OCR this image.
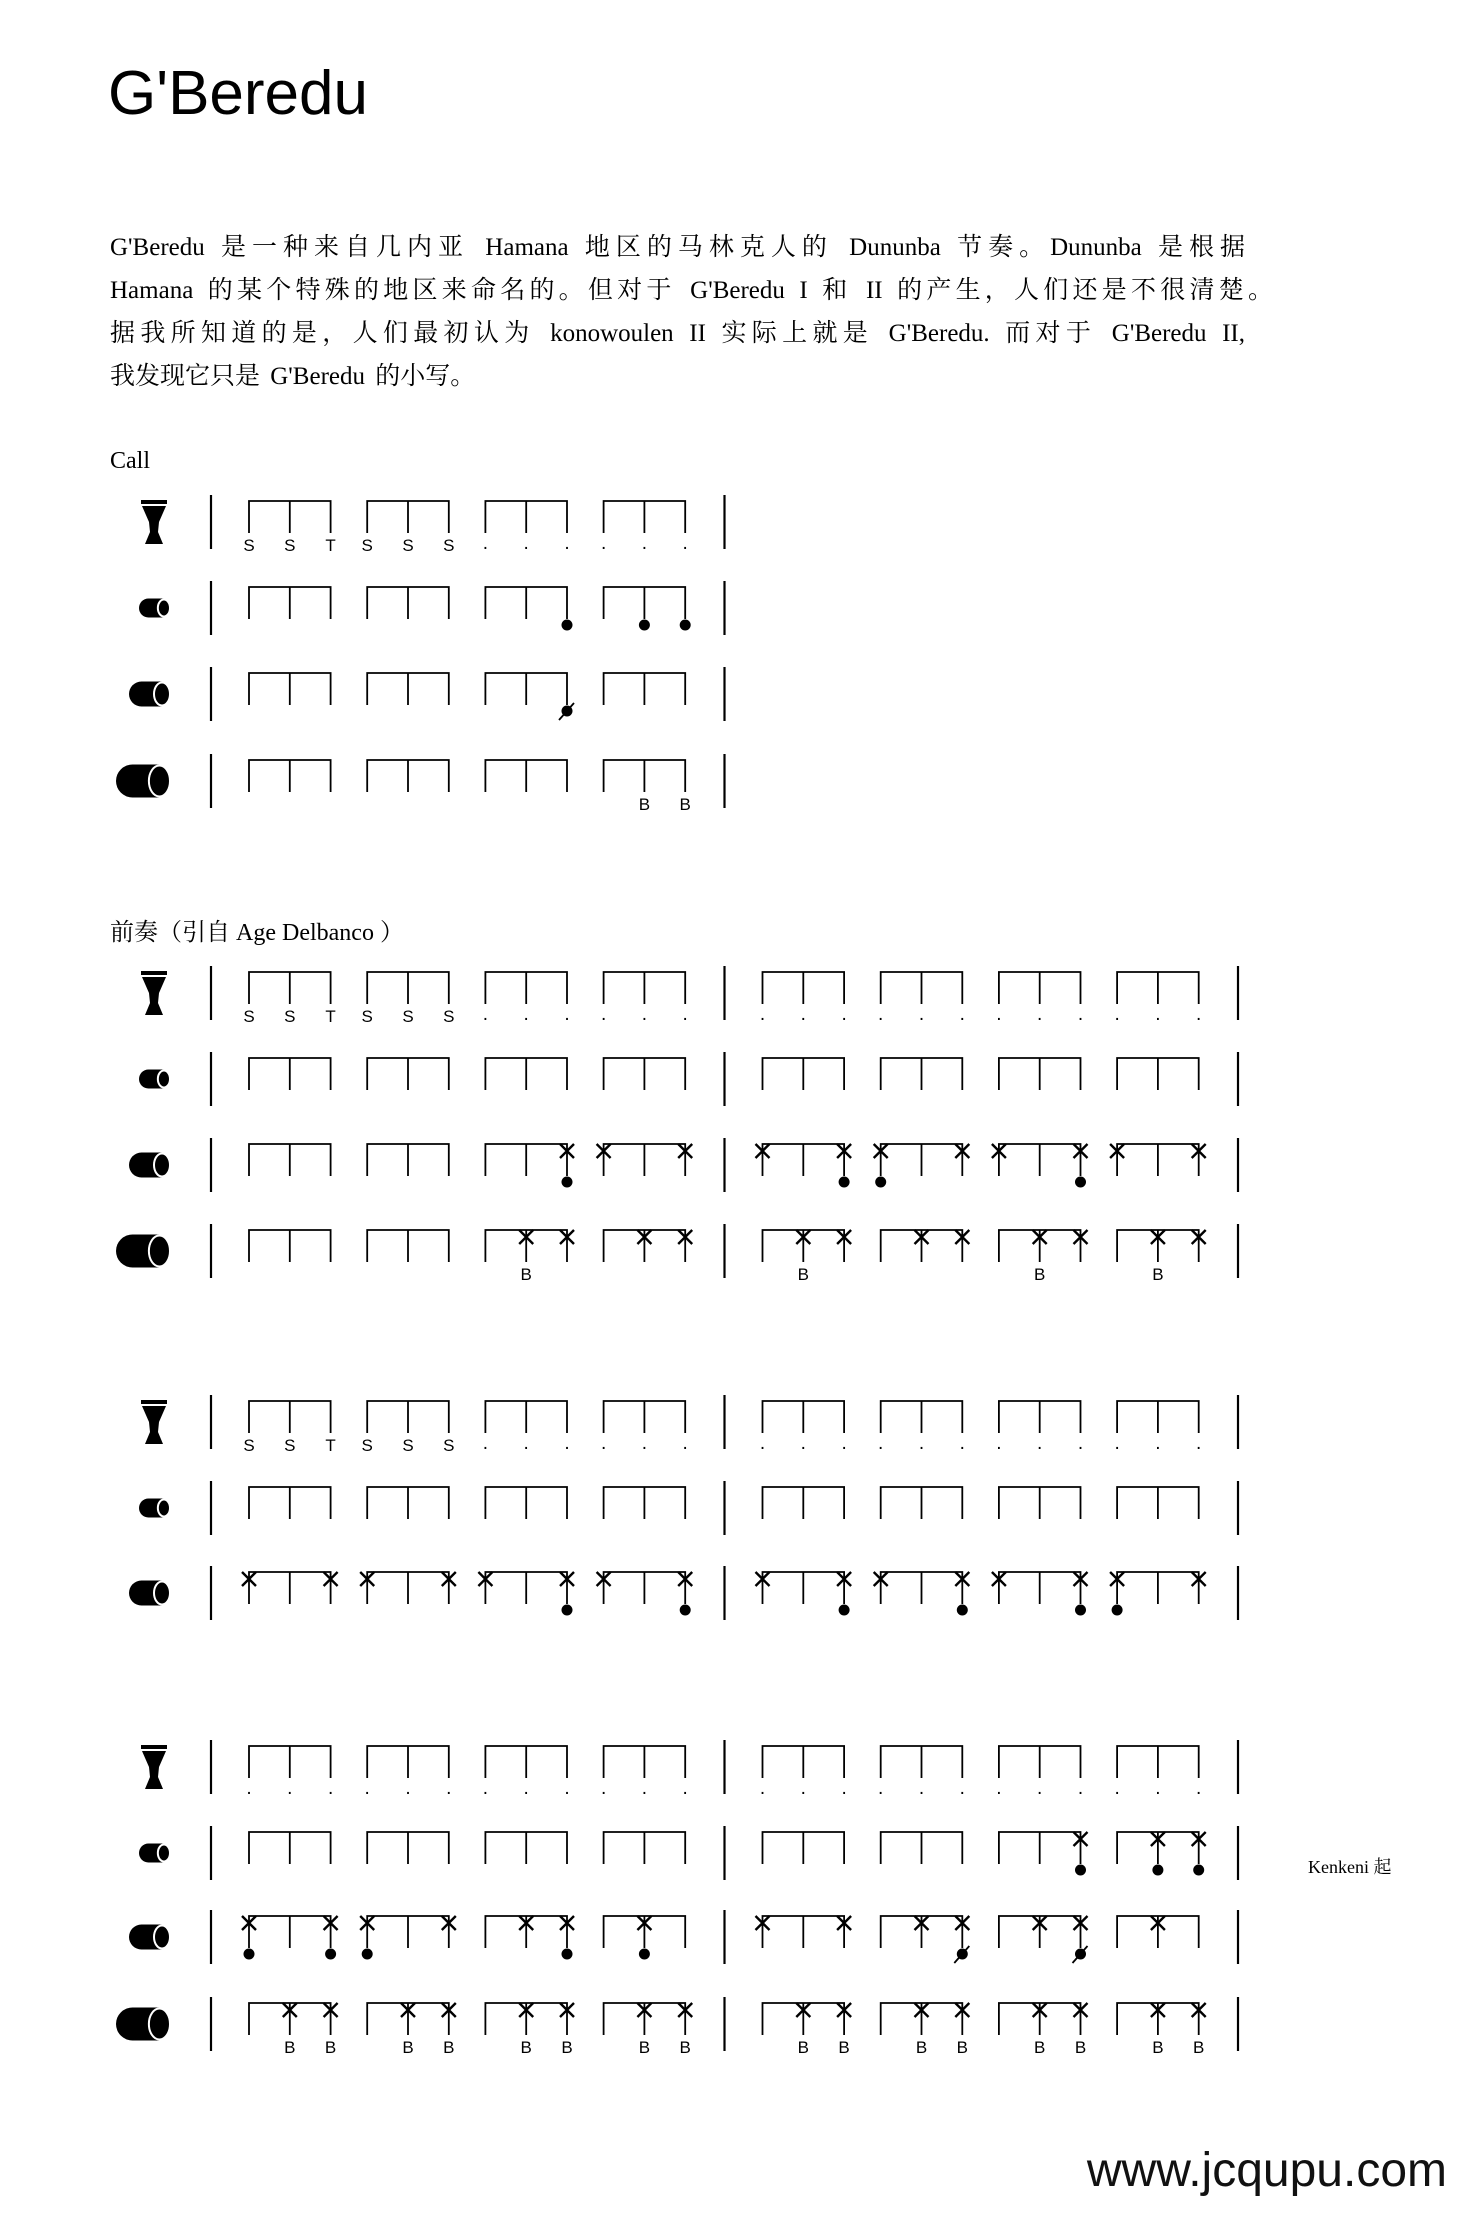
S S T S S S . . . . . .
B B
S S T S S S . . . . . .	. . . . . . . . . . . .
B	B	B	B
S S T S S S . . . . . .	. . . . . . . . . . . .
. . . . . . . . . . . .	. . . . . . . . . . . .
B B	B B	B B	B B	B B	B B	B B	B B
G'Beredu
G'Beredu 是一种来自几内亚 Hamana 地区的马林克人的 Dununba 节奏。Dununba 是根据
Hamana 的某个特殊的地区来命名的。但对于 G'Beredu I 和 II 的产生，人们还是不很清楚。
据我所知道的是，人们最初认为 konowoulen II 实际上就是 G'Beredu. 而对于 G'Beredu II,
我发现它只是 G'Beredu 的小写。
Call
前奏（引自 Age Delbanco ）
Kenkeni 起
www.jcqupu.com
